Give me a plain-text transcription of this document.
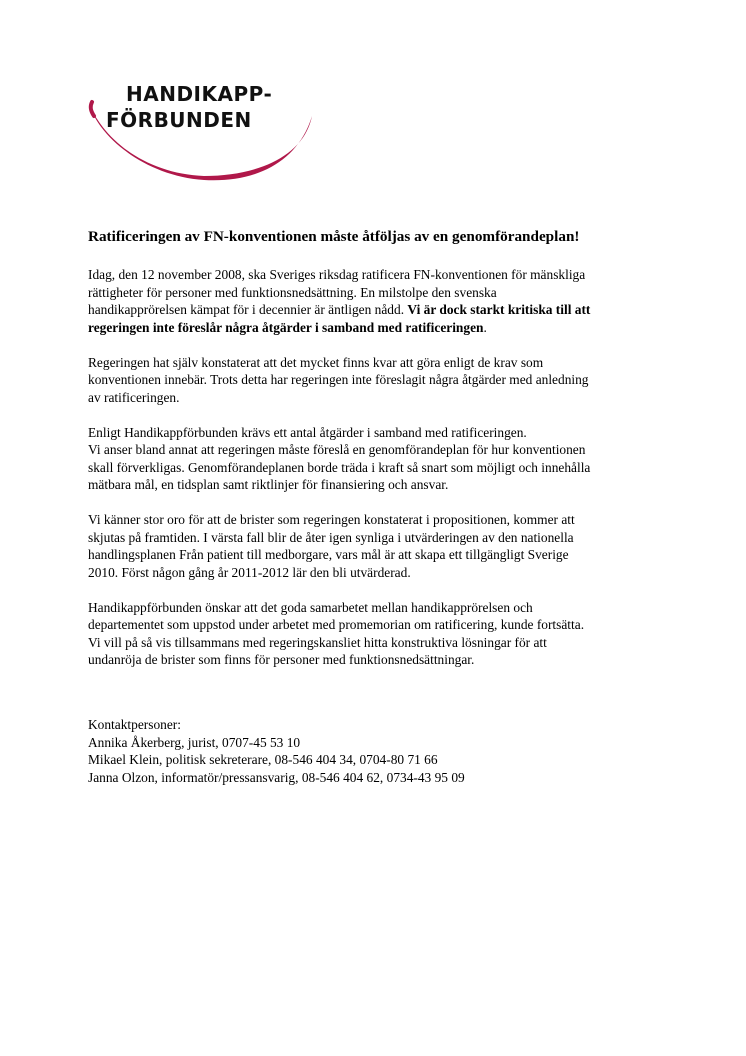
HANDIKAPP-
FÖRBUNDEN
Ratificeringen av FN-konventionen måste åtföljas av en genomförandeplan!

Idag, den 12 november 2008, ska Sveriges riksdag ratificera FN-konventionen för mänskliga
rättigheter för personer med funktionsnedsättning. En milstolpe den svenska
handikapprörelsen kämpat för i decennier är äntligen nådd. Vi är dock starkt kritiska till att
regeringen inte föreslår några åtgärder i samband med ratificeringen.

Regeringen hat själv konstaterat att det mycket finns kvar att göra enligt de krav som
konventionen innebär. Trots detta har regeringen inte föreslagit några åtgärder med anledning
av ratificeringen.

Enligt Handikappförbunden krävs ett antal åtgärder i samband med ratificeringen.
Vi anser bland annat att regeringen måste föreslå en genomförandeplan för hur konventionen
skall förverkligas. Genomförandeplanen borde träda i kraft så snart som möjligt och innehålla
mätbara mål, en tidsplan samt riktlinjer för finansiering och ansvar.

Vi känner stor oro för att de brister som regeringen konstaterat i propositionen, kommer att
skjutas på framtiden. I värsta fall blir de åter igen synliga i utvärderingen av den nationella
handlingsplanen Från patient till medborgare, vars mål är att skapa ett tillgängligt Sverige
2010. Först någon gång år 2011-2012 lär den bli utvärderad.

Handikappförbunden önskar att det goda samarbetet mellan handikapprörelsen och
departementet som uppstod under arbetet med promemorian om ratificering, kunde fortsätta.
Vi vill på så vis tillsammans med regeringskansliet hitta konstruktiva lösningar för att
undanröja de brister som finns för personer med funktionsnedsättningar.

Kontaktpersoner:
Annika Åkerberg, jurist, 0707-45 53 10
Mikael Klein, politisk sekreterare, 08-546 404 34, 0704-80 71 66
Janna Olzon, informatör/pressansvarig, 08-546 404 62, 0734-43 95 09
